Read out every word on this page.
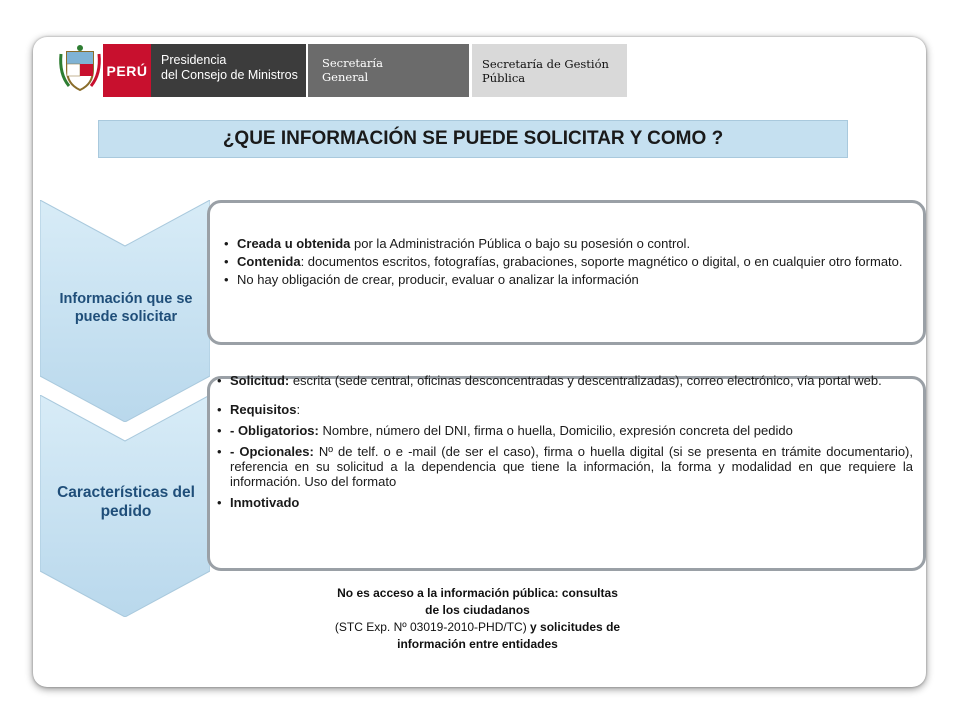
PERÚ
Presidencia
del Consejo de Ministros
Secretaría
General
Secretaría de Gestión
Pública
¿QUE INFORMACIÓN SE PUEDE SOLICITAR Y COMO ?
Información que se puede solicitar
• Creada u obtenida por la Administración Pública o bajo su posesión o control.
• Contenida: documentos escritos, fotografías, grabaciones, soporte magnético o digital, o en cualquier otro formato.
• No hay obligación de crear, producir, evaluar o analizar la información
Características del pedido
• Solicitud: escrita (sede central, oficinas desconcentradas y descentralizadas), correo electrónico, vía portal web.
• Requisitos:
• - Obligatorios: Nombre, número del DNI, firma o huella, Domicilio, expresión concreta del pedido
• - Opcionales: Nº de telf. o e -mail (de ser el caso), firma o huella digital (si se presenta en trámite documentario), referencia en su solicitud a la dependencia que tiene la información, la forma y modalidad en que requiere la información. Uso del formato
• Inmotivado
No es acceso a la información pública: consultas de los ciudadanos
(STC Exp. Nº 03019-2010-PHD/TC) y solicitudes de información entre entidades
